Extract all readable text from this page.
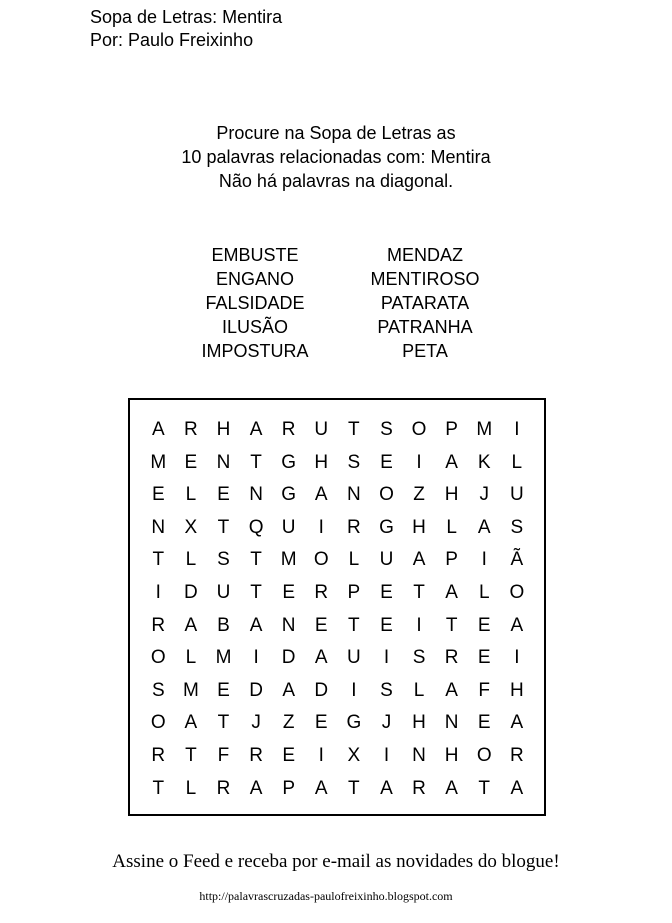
Sopa de Letras: Mentira
Por: Paulo Freixinho
Procure na Sopa de Letras as
10 palavras relacionadas com: Mentira
Não há palavras na diagonal.
EMBUSTE
ENGANO
FALSIDADE
ILUSÃO
IMPOSTURA
MENDAZ
MENTIROSO
PATARATA
PATRANHA
PETA
A	R H	A	R U	T	S O P M	I
M E	N	T	G H	S	E	I	A	K	L
E	L	E	N G A	N O	Z	H	J	U
N	X	T	Q U	I	R G H	L	A	S
T	L	S	T M O	L	U	A	P	I	Ã
I	D U	T	E	R	P	E	T	A	L	O
R	A	B	A	N	E	T	E	I	T	E	A
O	L	M	I	D	A	U	I	S	R	E	I
S M E	D	A	D	I	S	L	A	F	H
O A	T	J	Z	E G	J	H N	E	A
R	T	F	R	E	I	X	I	N H O R
T	L	R	A	P	A	T	A	R	A	T	A
Assine o Feed e receba por e-mail as novidades do blogue!
http://palavrascruzadas-paulofreixinho.blogspot.com
